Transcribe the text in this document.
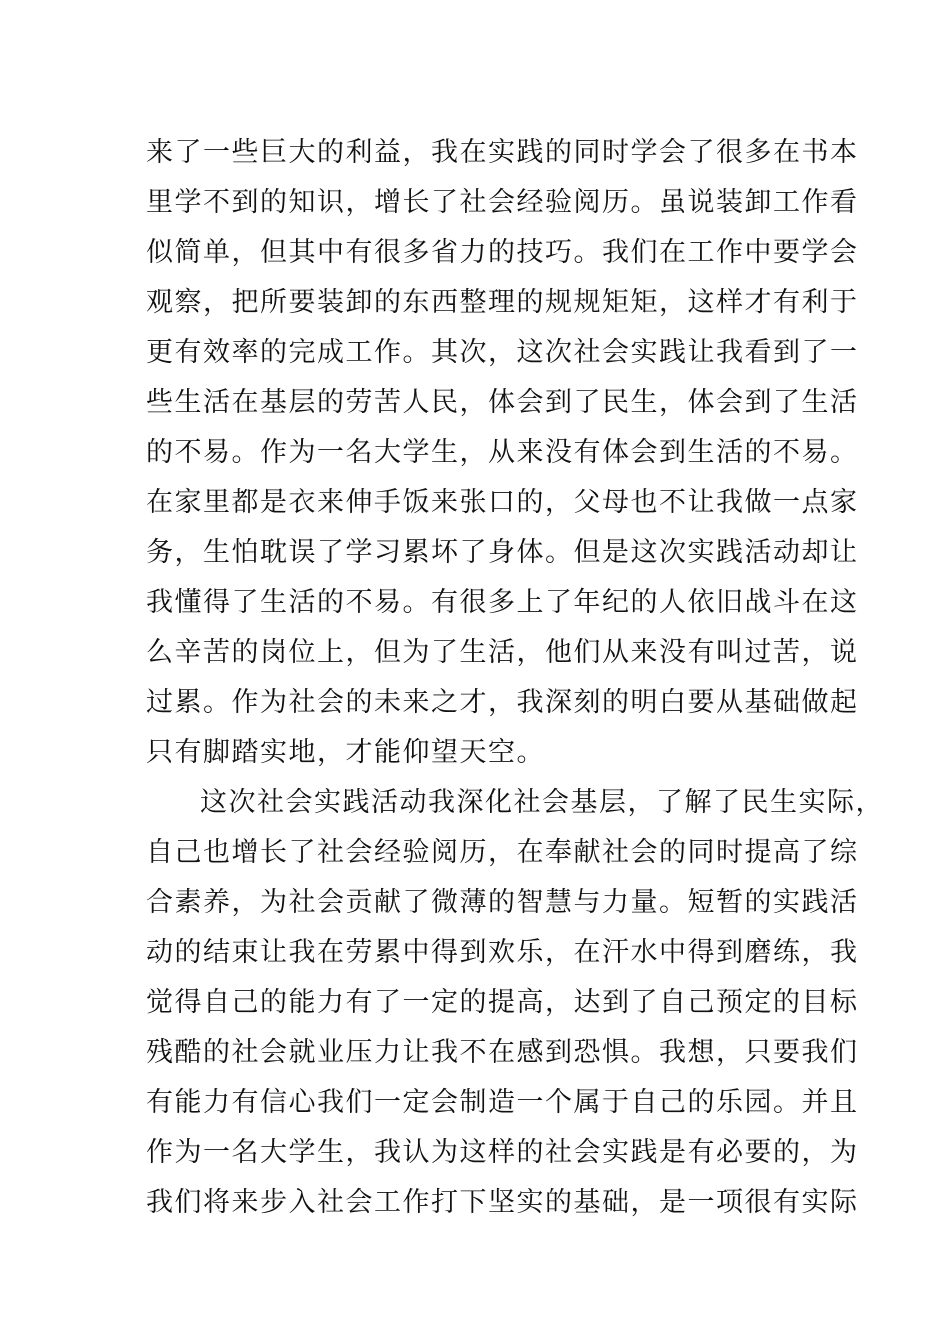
来了一些巨大的利益，我在实践的同时学会了很多在书本
里学不到的知识，增长了社会经验阅历。虽说装卸工作看
似简单，但其中有很多省力的技巧。我们在工作中要学会
观察，把所要装卸的东西整理的规规矩矩，这样才有利于
更有效率的完成工作。其次，这次社会实践让我看到了一
些生活在基层的劳苦人民，体会到了民生，体会到了生活
的不易。作为一名大学生，从来没有体会到生活的不易。
在家里都是衣来伸手饭来张口的，父母也不让我做一点家
务，生怕耽误了学习累坏了身体。但是这次实践活动却让
我懂得了生活的不易。有很多上了年纪的人依旧战斗在这
么辛苦的岗位上，但为了生活，他们从来没有叫过苦，说
过累。作为社会的未来之才，我深刻的明白要从基础做起
只有脚踏实地，才能仰望天空。
这次社会实践活动我深化社会基层，了解了民生实际，
自己也增长了社会经验阅历，在奉献社会的同时提高了综
合素养，为社会贡献了微薄的智慧与力量。短暂的实践活
动的结束让我在劳累中得到欢乐，在汗水中得到磨练，我
觉得自己的能力有了一定的提高，达到了自己预定的目标
残酷的社会就业压力让我不在感到恐惧。我想，只要我们
有能力有信心我们一定会制造一个属于自己的乐园。并且
作为一名大学生，我认为这样的社会实践是有必要的，为
我们将来步入社会工作打下坚实的基础，是一项很有实际
